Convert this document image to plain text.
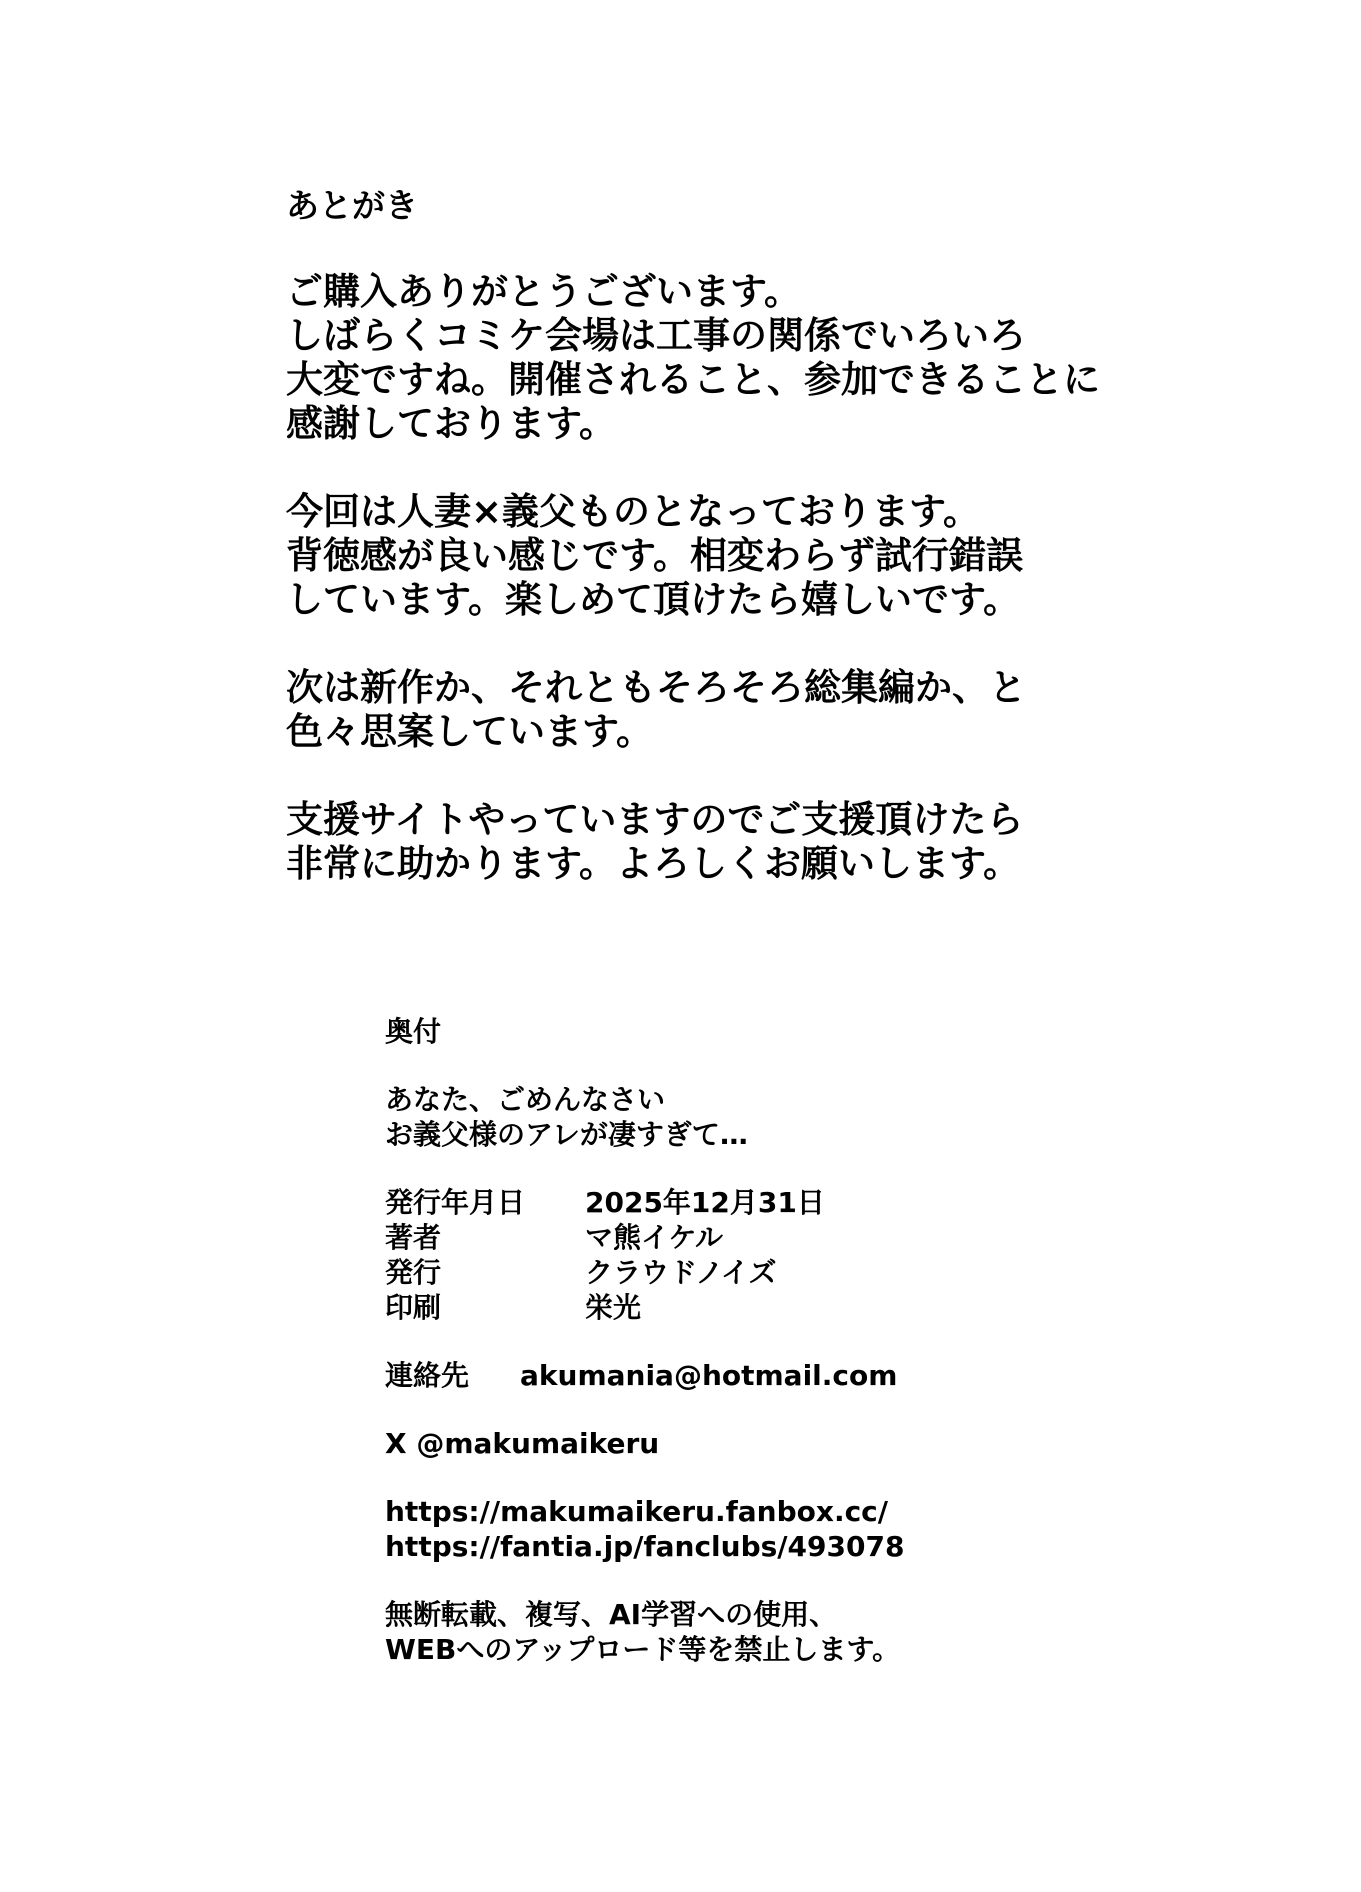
あとがき
ご購入ありがとうございます。
しばらくコミケ会場は工事の関係でいろいろ
大変ですね。開催されること、参加できることに
感謝しております。
今回は人妻×義父ものとなっております。
背徳感が良い感じです。相変わらず試行錯誤
しています。楽しめて頂けたら嬉しいです。
次は新作か、それともそろそろ総集編か、と
色々思案しています。
支援サイトやっていますのでご支援頂けたら
非常に助かります。よろしくお願いします。
奥付
あなた、ごめんなさい
お義父様のアレが凄すぎて…
発行年月日	2025年12月31日
著者	マ熊イケル
発行	クラウドノイズ
印刷	栄光
連絡先	akumania@hotmail.com
X @makumaikeru
https://makumaikeru.fanbox.cc/
https://fantia.jp/fanclubs/493078
無断転載、複写、AI学習への使用、
WEBへのアップロード等を禁止します。
